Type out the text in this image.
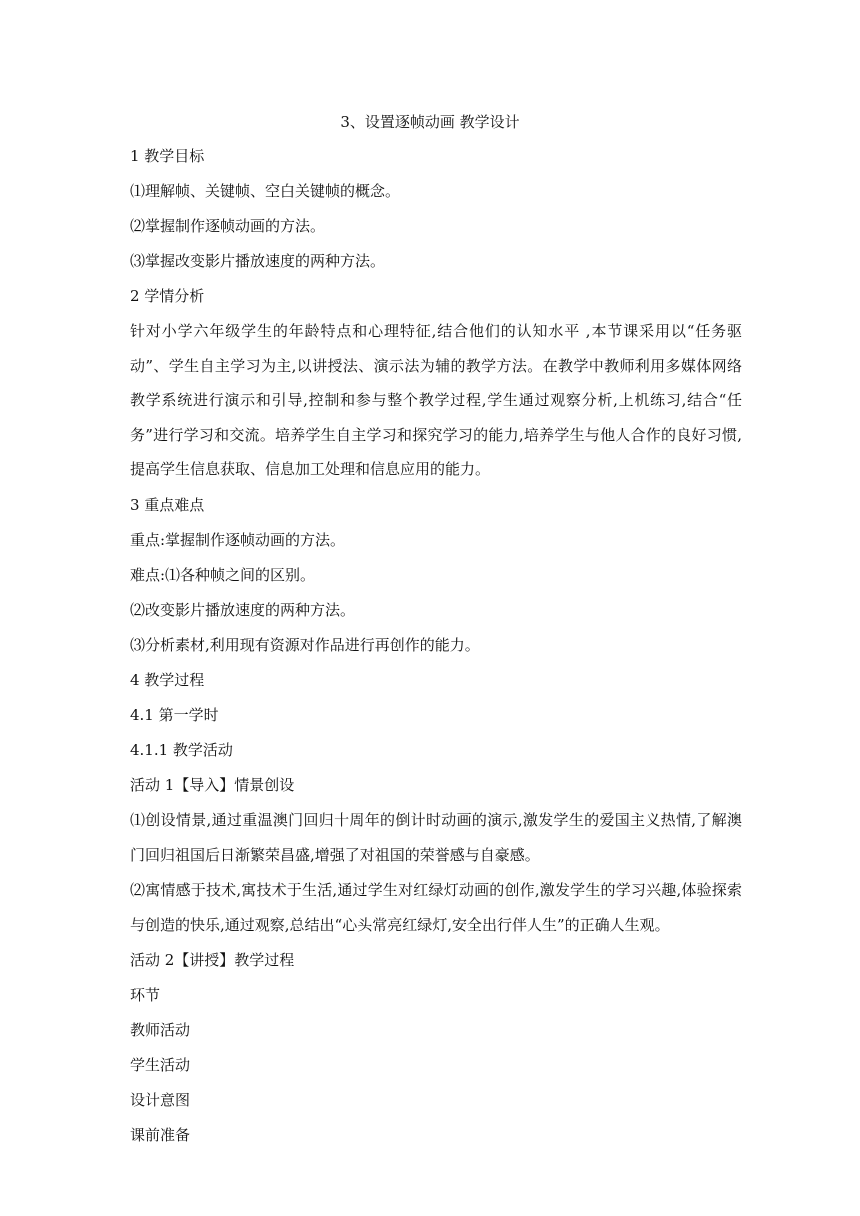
3、设置逐帧动画 教学设计
1 教学目标
⑴理解帧、关键帧、空白关键帧的概念。
⑵掌握制作逐帧动画的方法。
⑶掌握改变影片播放速度的两种方法。
2 学情分析
针对小学六年级学生的年龄特点和心理特征,结合他们的认知水平 ,本节课采用以“任务驱动”、学生自主学习为主,以讲授法、演示法为辅的教学方法。在教学中教师利用多媒体网络教学系统进行演示和引导,控制和参与整个教学过程,学生通过观察分析,上机练习,结合“任务”进行学习和交流。培养学生自主学习和探究学习的能力,培养学生与他人合作的良好习惯,提高学生信息获取、信息加工处理和信息应用的能力。
3 重点难点
重点:掌握制作逐帧动画的方法。
难点:⑴各种帧之间的区别。
⑵改变影片播放速度的两种方法。
⑶分析素材,利用现有资源对作品进行再创作的能力。
4 教学过程
4.1 第一学时
4.1.1 教学活动
活动 1【导入】情景创设
⑴创设情景,通过重温澳门回归十周年的倒计时动画的演示,激发学生的爱国主义热情,了解澳门回归祖国后日渐繁荣昌盛,增强了对祖国的荣誉感与自豪感。
⑵寓情感于技术,寓技术于生活,通过学生对红绿灯动画的创作,激发学生的学习兴趣,体验探索与创造的快乐,通过观察,总结出“心头常亮红绿灯,安全出行伴人生”的正确人生观。
活动 2【讲授】教学过程
环节
教师活动
学生活动
设计意图
课前准备
